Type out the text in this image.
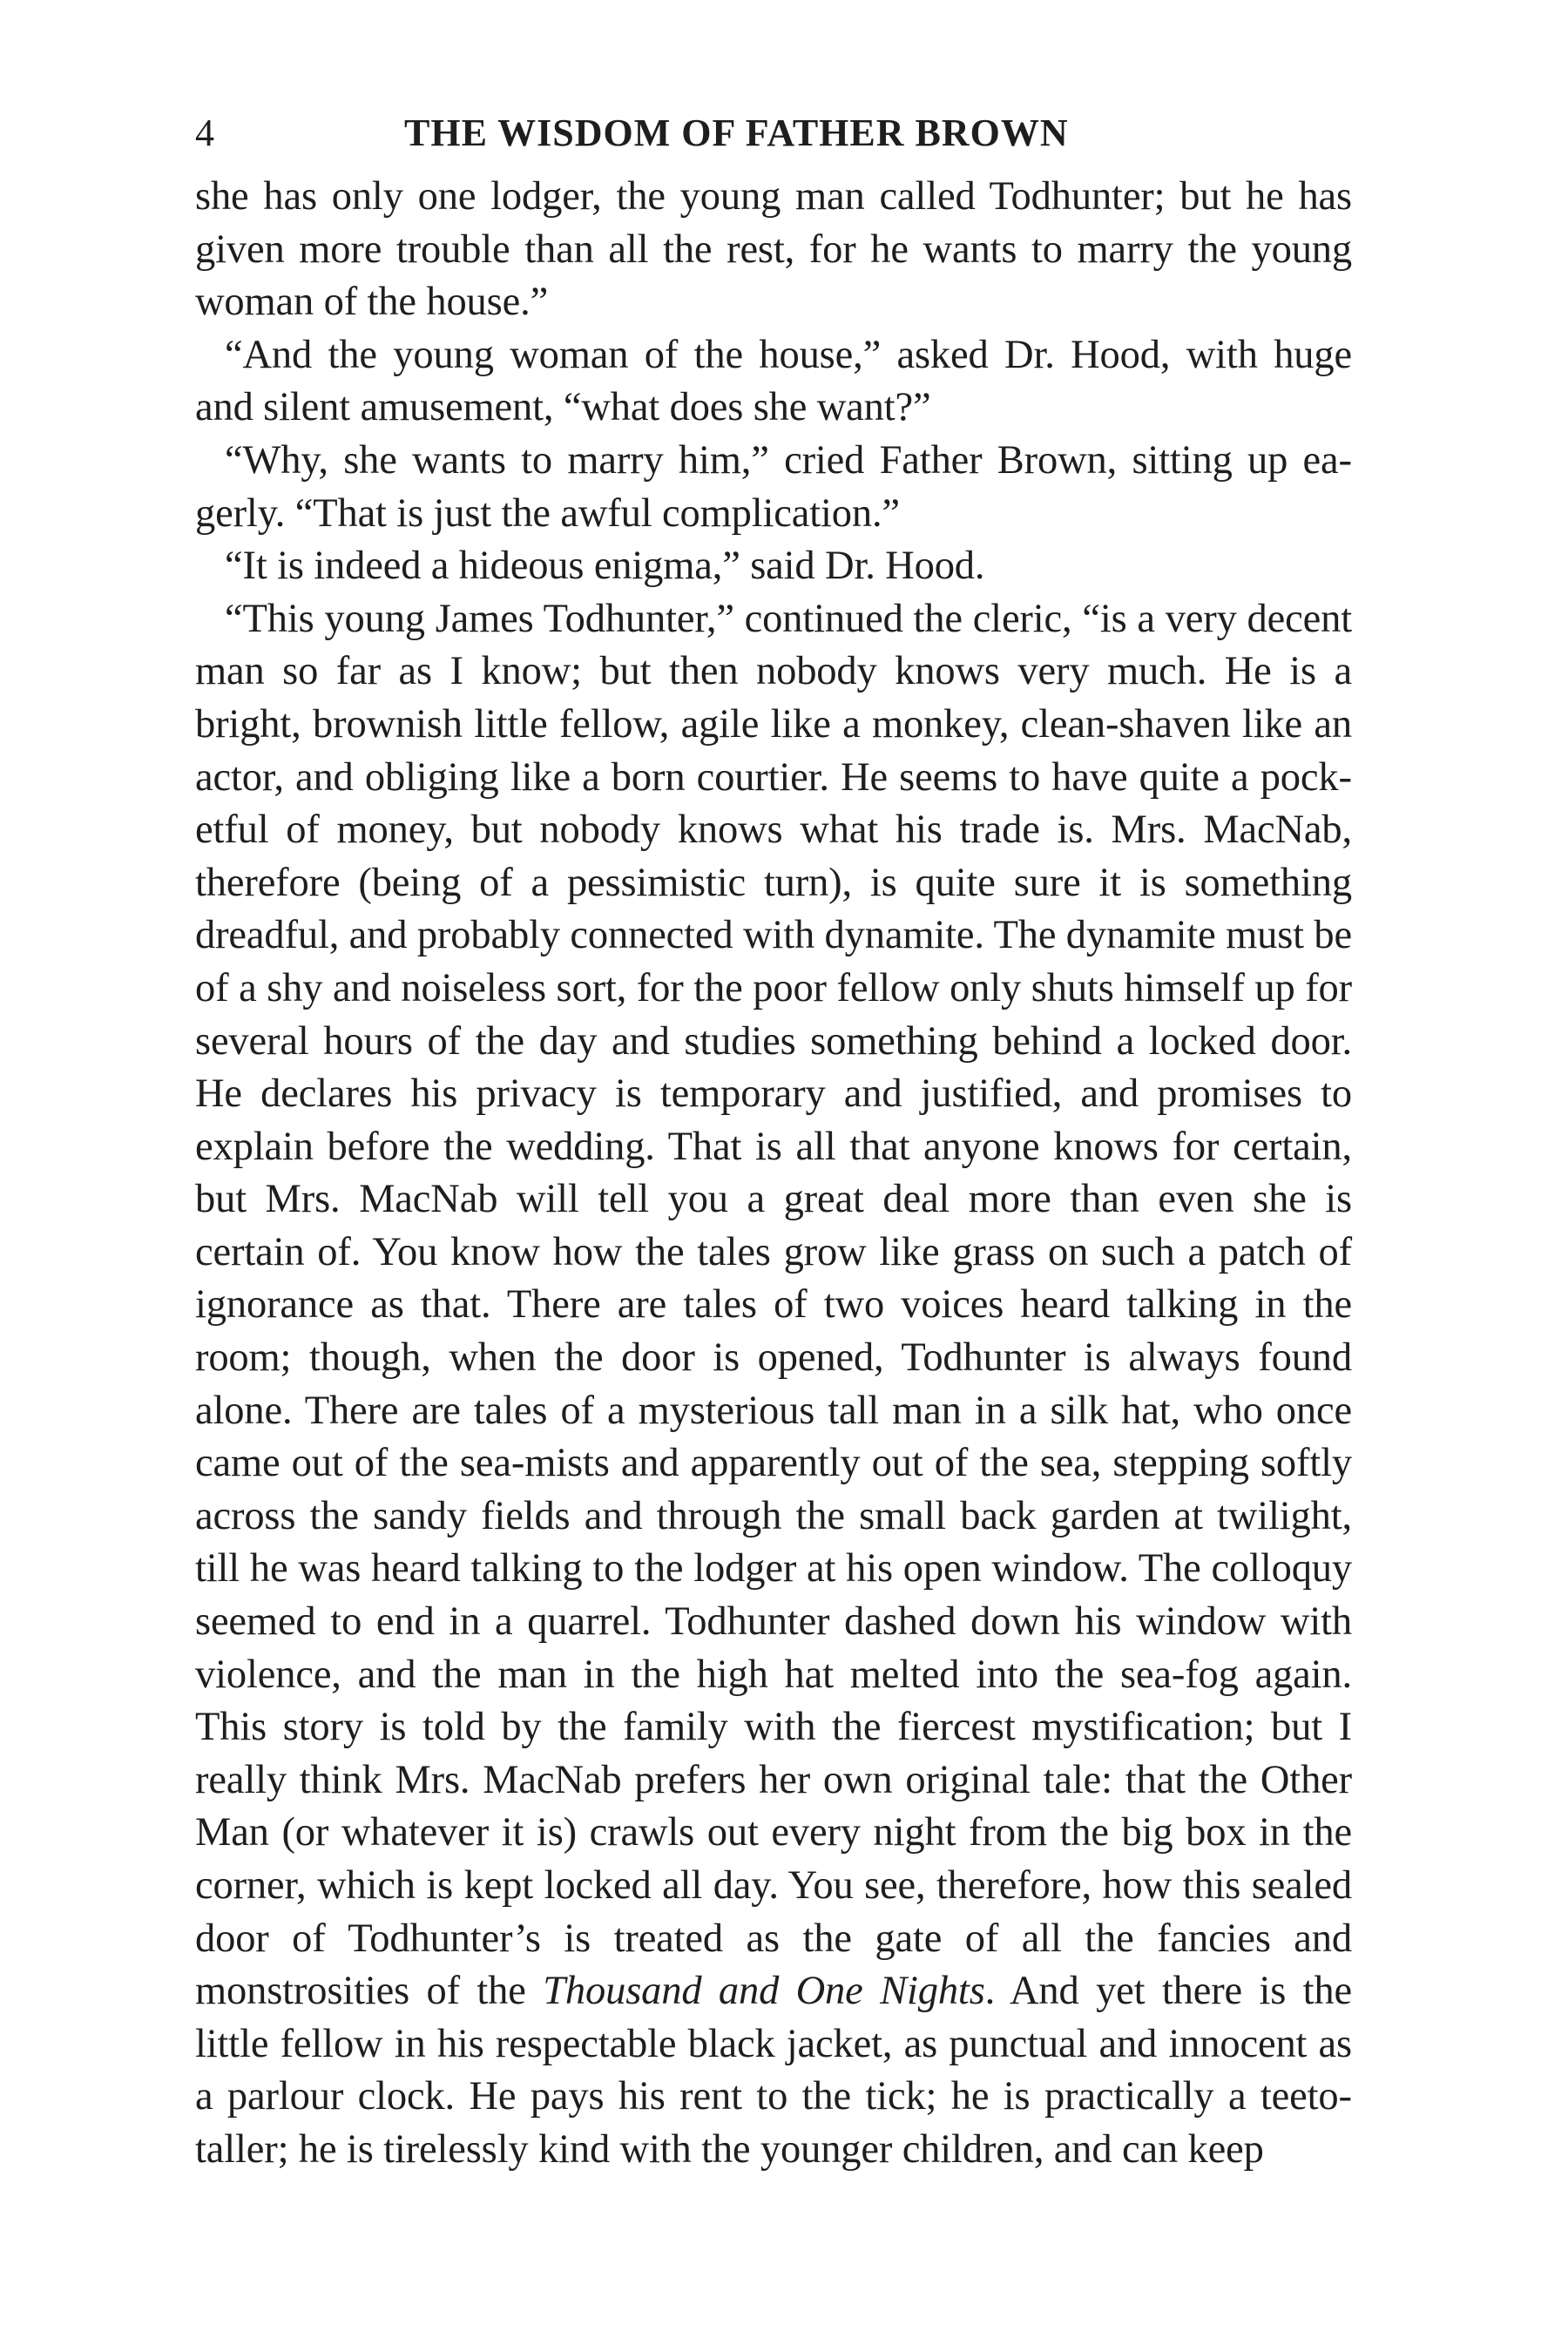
4	THE WISDOM OF FATHER BROWN

she has only one lodger, the young man called Todhunter; but he has given more trouble than all the rest, for he wants to marry the young woman of the house.”

“And the young woman of the house,” asked Dr. Hood, with huge and silent amusement, “what does she want?”

“Why, she wants to marry him,” cried Father Brown, sitting up eagerly. “That is just the awful complication.”

“It is indeed a hideous enigma,” said Dr. Hood.

“This young James Todhunter,” continued the cleric, “is a very decent man so far as I know; but then nobody knows very much. He is a bright, brownish little fellow, agile like a monkey, clean-shaven like an actor, and obliging like a born courtier. He seems to have quite a pocketful of money, but nobody knows what his trade is. Mrs. MacNab, therefore (being of a pessimistic turn), is quite sure it is something dreadful, and probably connected with dynamite. The dynamite must be of a shy and noiseless sort, for the poor fellow only shuts himself up for several hours of the day and studies something behind a locked door. He declares his privacy is temporary and justified, and promises to explain before the wedding. That is all that anyone knows for certain, but Mrs. MacNab will tell you a great deal more than even she is certain of. You know how the tales grow like grass on such a patch of ignorance as that. There are tales of two voices heard talking in the room; though, when the door is opened, Todhunter is always found alone. There are tales of a mysterious tall man in a silk hat, who once came out of the sea-mists and apparently out of the sea, stepping softly across the sandy fields and through the small back garden at twilight, till he was heard talking to the lodger at his open window. The colloquy seemed to end in a quarrel. Todhunter dashed down his window with violence, and the man in the high hat melted into the sea-fog again. This story is told by the family with the fiercest mystification; but I really think Mrs. MacNab prefers her own original tale: that the Other Man (or whatever it is) crawls out every night from the big box in the corner, which is kept locked all day. You see, therefore, how this sealed door of Todhunter’s is treated as the gate of all the fancies and monstrosities of the Thousand and One Nights. And yet there is the little fellow in his respectable black jacket, as punctual and innocent as a parlour clock. He pays his rent to the tick; he is practically a teetotaller; he is tirelessly kind with the younger children, and can keep
